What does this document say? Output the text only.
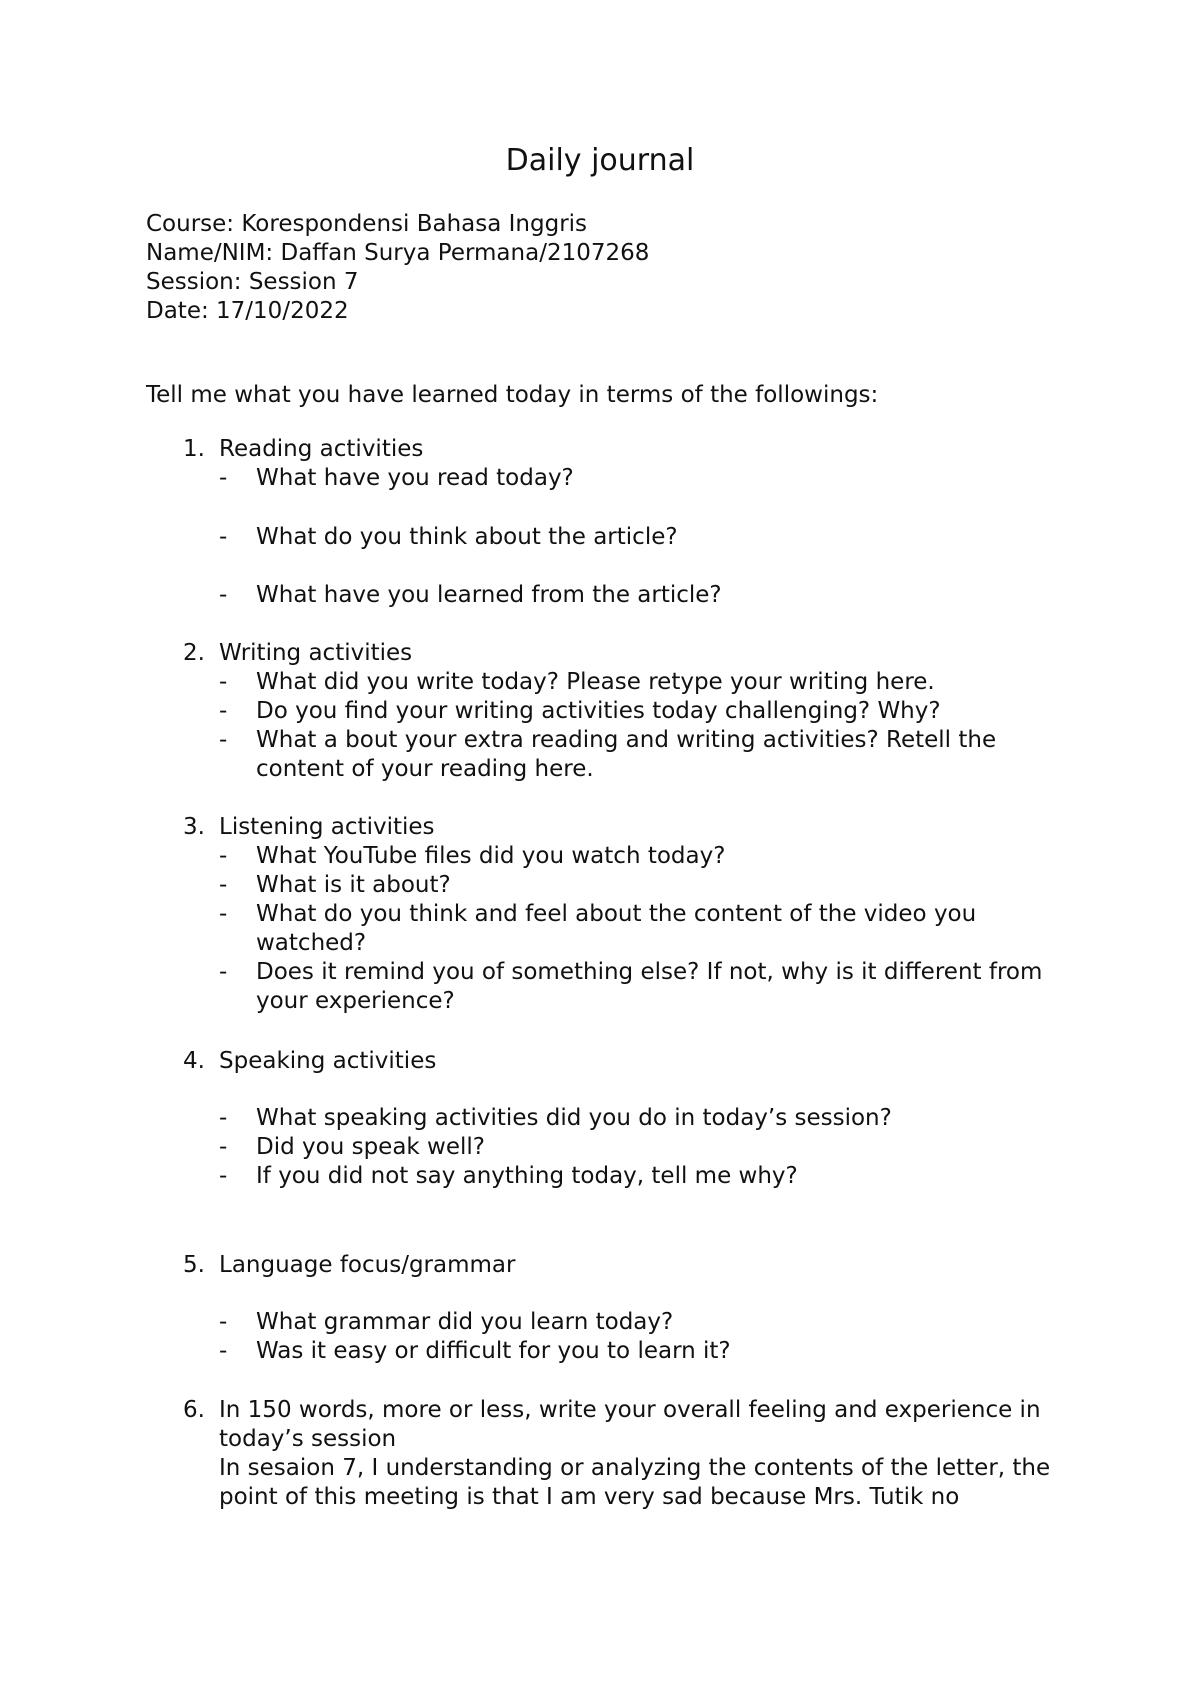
Daily journal
Course: Korespondensi Bahasa Inggris
Name/NIM: Daffan Surya Permana/2107268
Session: Session 7
Date: 17/10/2022
Tell me what you have learned today in terms of the followings:
1. Reading activities
- What have you read today?
- What do you think about the article?
- What have you learned from the article?
2. Writing activities
- What did you write today? Please retype your writing here.
- Do you find your writing activities today challenging? Why?
- What a bout your extra reading and writing activities? Retell the content of your reading here.
3. Listening activities
- What YouTube files did you watch today?
- What is it about?
- What do you think and feel about the content of the video you watched?
- Does it remind you of something else? If not, why is it different from your experience?
4. Speaking activities
- What speaking activities did you do in today’s session?
- Did you speak well?
- If you did not say anything today, tell me why?
5. Language focus/grammar
- What grammar did you learn today?
- Was it easy or difficult for you to learn it?
6. In 150 words, more or less, write your overall feeling and experience in today’s session
In sesaion 7, I understanding or analyzing the contents of the letter, the point of this meeting is that I am very sad because Mrs. Tutik no
